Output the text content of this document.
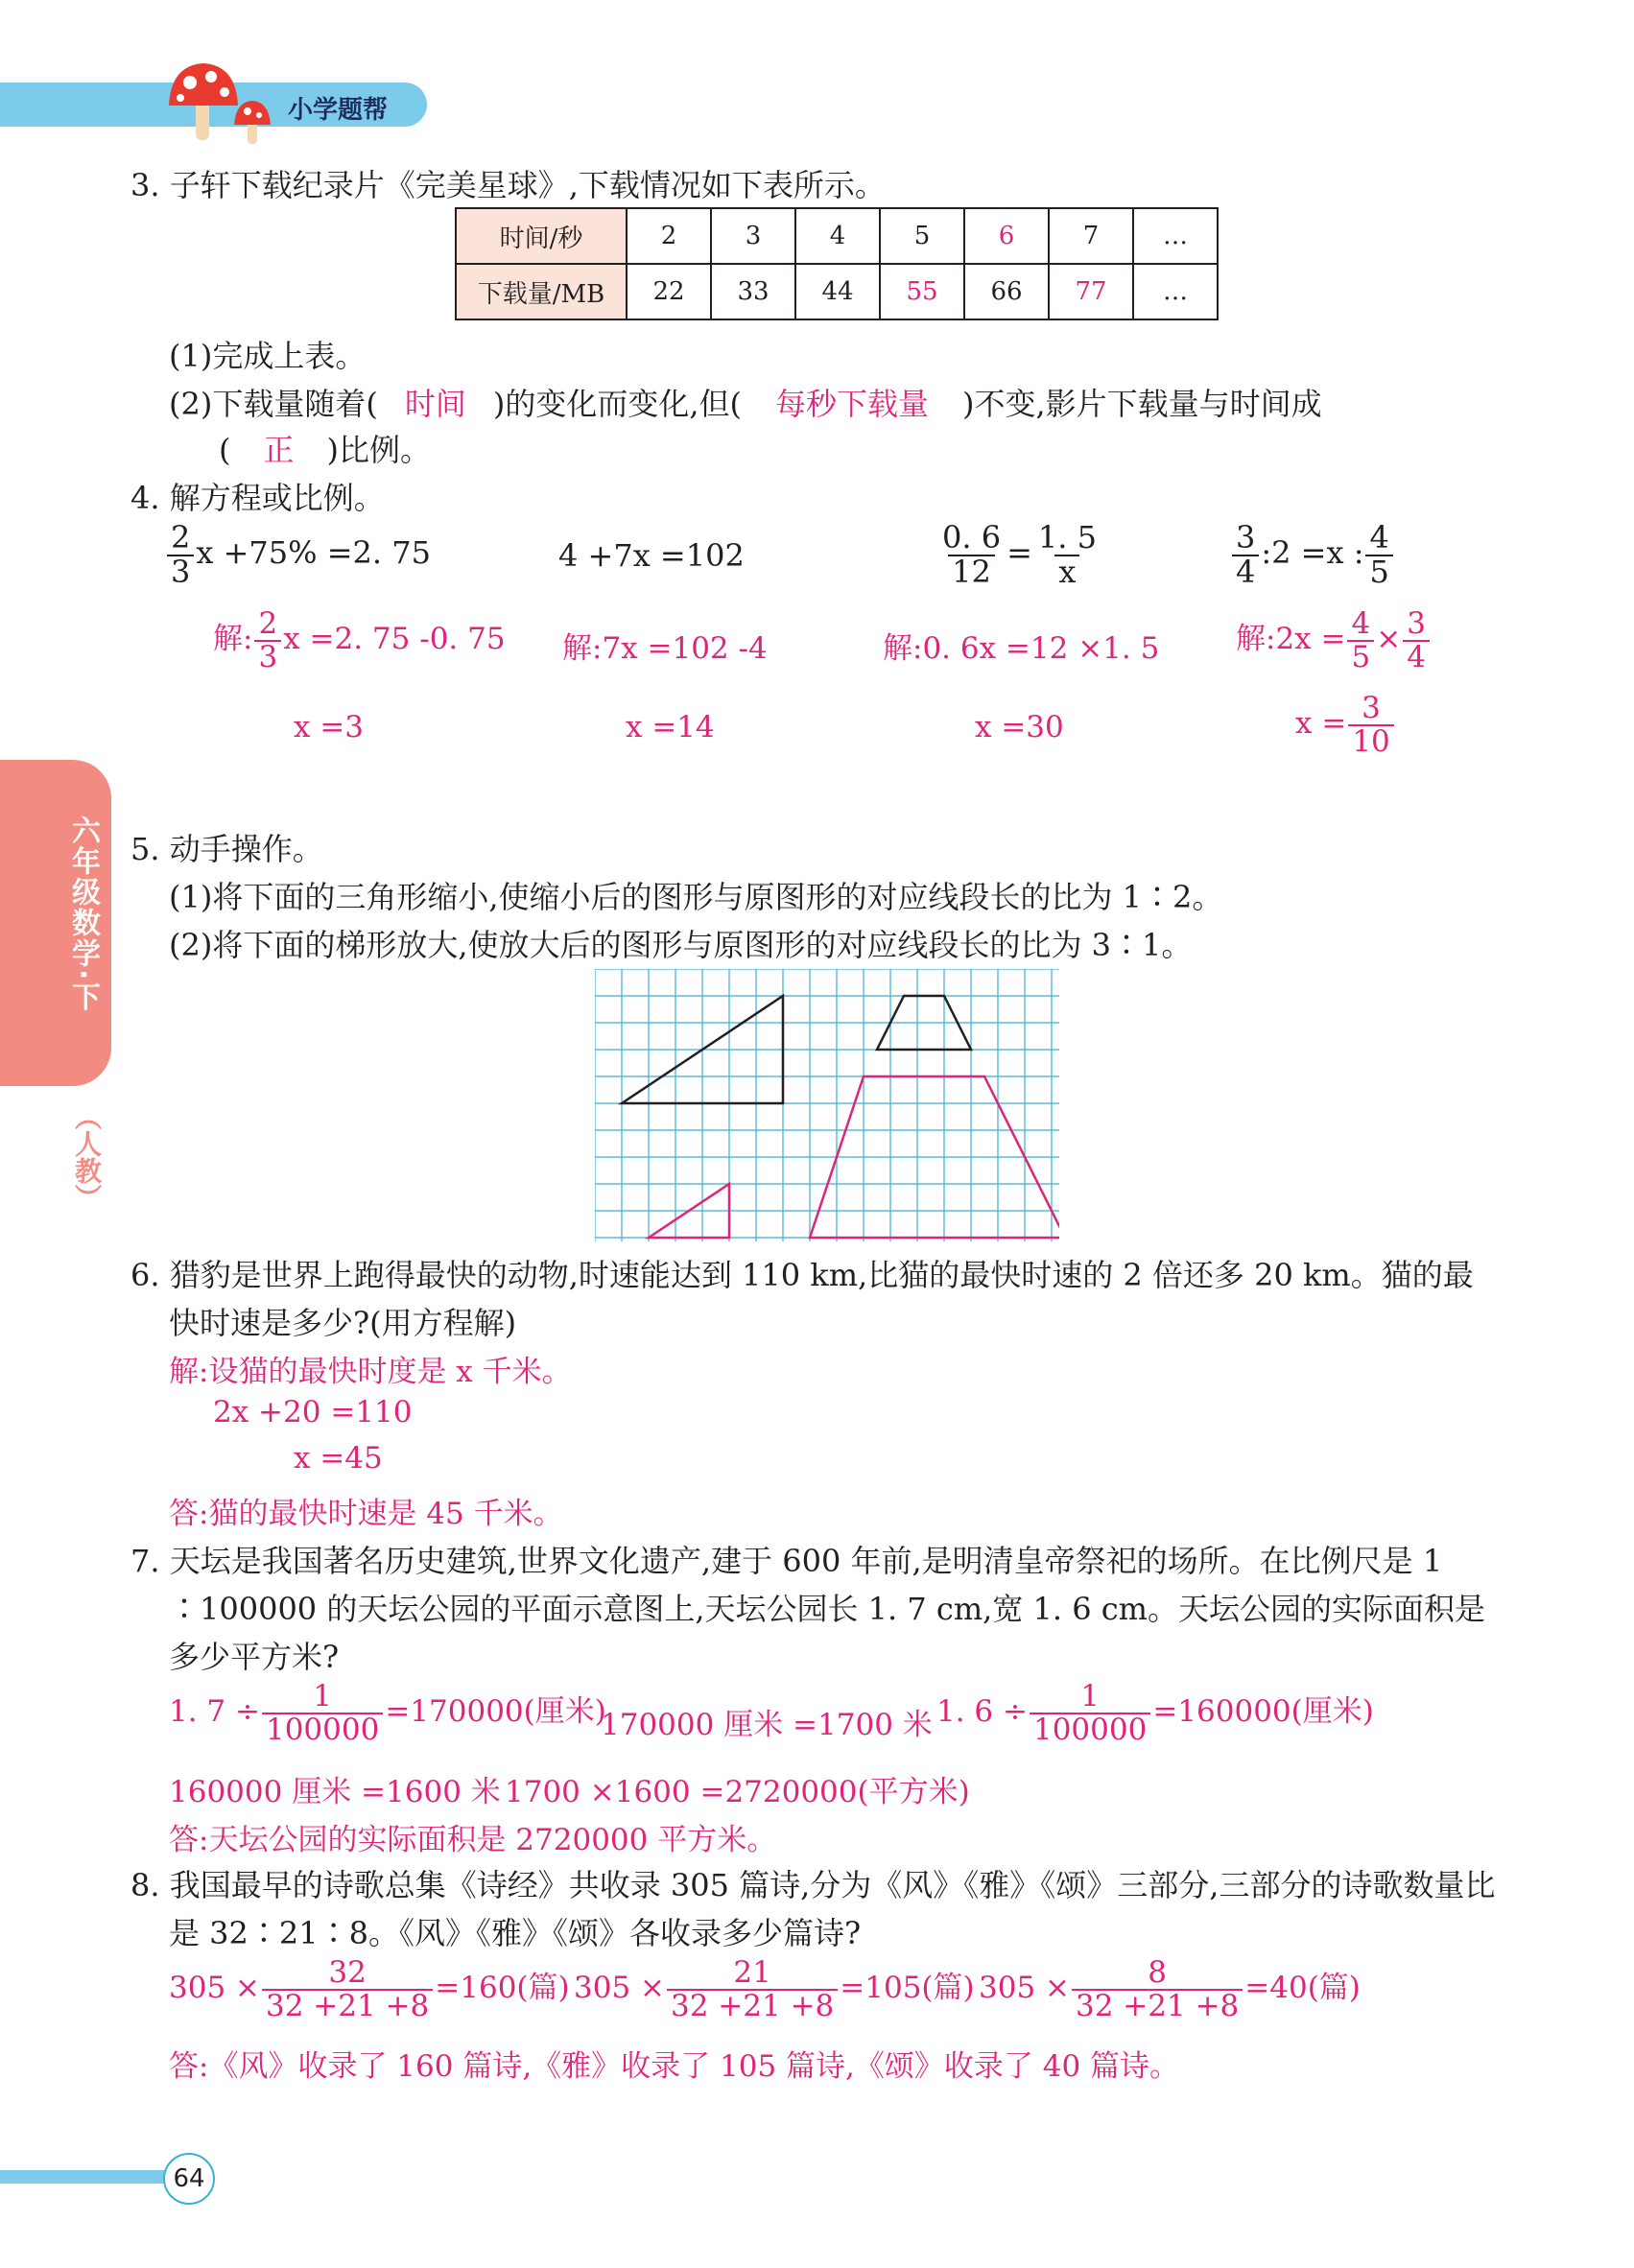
小学题帮
六年级数学·下
（人教）
3. 子轩下载纪录片《完美星球》,下载情况如下表所示。
时间/秒	2	3	4	5	6	7	…
下载量/MB	22	33	44	55	66	77	…
(1)完成上表。
(2)下载量随着( 时间 )的变化而变化,但( 每秒下载量 )不变,影片下载量与时间成
( 正 )比例。
4. 解方程或比例。
$\frac{2}{3}$ x +75% =2. 75	4 +7x =102	$\frac{0. 6}{12} = \frac{1. 5}{x}$	$\frac{3}{4}$ :2 =x : $\frac{4}{5}$
解: $\frac{2}{3}$ x =2. 75 -0. 75 解:7x =102 -4	解:0. 6x =12 ×1. 5	解:2x = $\frac{4}{5} \times \frac{3}{4}$
x =3	x =14	x =30	$x = \frac{3}{10}$
5. 动手操作。
(1)将下面的三角形缩小,使缩小后的图形与原图形的对应线段长的比为 1∶2。
(2)将下面的梯形放大,使放大后的图形与原图形的对应线段长的比为 3∶1。
6. 猎豹是世界上跑得最快的动物,时速能达到 110 km,比猫的最快时速的 2 倍还多 20 km。猫的最
快时速是多少?(用方程解)
解:设猫的最快时度是 x 千米。
2x +20 =110
x =45
答:猫的最快时速是 45 千米。
7. 天坛是我国著名历史建筑,世界文化遗产,建于 600 年前,是明清皇帝祭祀的场所。在比例尺是 1
∶100000 的天坛公园的平面示意图上,天坛公园长 1. 7 cm,宽 1. 6 cm。天坛公园的实际面积是
多少平方米?
1. $7 \div \frac{1}{100000} =170000$(厘米)
170000 厘米 =1700 米 1. $6 \div \frac{1}{100000} =160000$(厘米)
160000 厘米 =1600 米 1700 ×1600 =2720000(平方米)
答:天坛公园的实际面积是 2720000 平方米。
8. 我国最早的诗歌总集《诗经》共收录 305 篇诗,分为《风》《雅》《颂》三部分,三部分的诗歌数量比
是 32∶21∶8。《风》《雅》《颂》各收录多少篇诗?
$305 \times \frac{32}{32 +21 +8} =160$(篇) $305 \times \frac{21}{32 +21 +8} =105$(篇) $305 \times \frac{8}{32 +21 +8} =40$(篇)
答:《风》收录了 160 篇诗,《雅》收录了 105 篇诗,《颂》收录了 40 篇诗。
64
